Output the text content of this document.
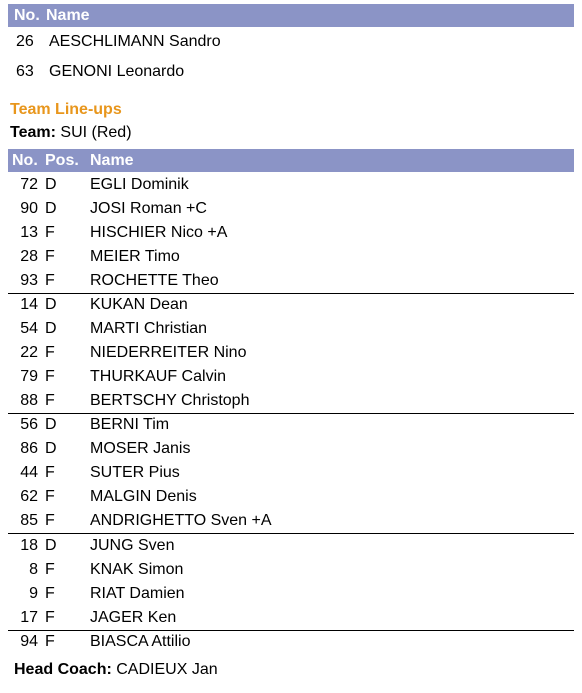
No. Name
26 AESCHLIMANN Sandro
63 GENONI Leonardo
Team Line-ups
Team: SUI (Red)
No. Pos. Name
72 D EGLI Dominik
90 D JOSI Roman +C
13 F HISCHIER Nico +A
28 F MEIER Timo
93 F ROCHETTE Theo
14 D KUKAN Dean
54 D MARTI Christian
22 F NIEDERREITER Nino
79 F THURKAUF Calvin
88 F BERTSCHY Christoph
56 D BERNI Tim
86 D MOSER Janis
44 F SUTER Pius
62 F MALGIN Denis
85 F ANDRIGHETTO Sven +A
18 D JUNG Sven
8 F KNAK Simon
9 F RIAT Damien
17 F JAGER Ken
94 F BIASCA Attilio
Head Coach: CADIEUX Jan
